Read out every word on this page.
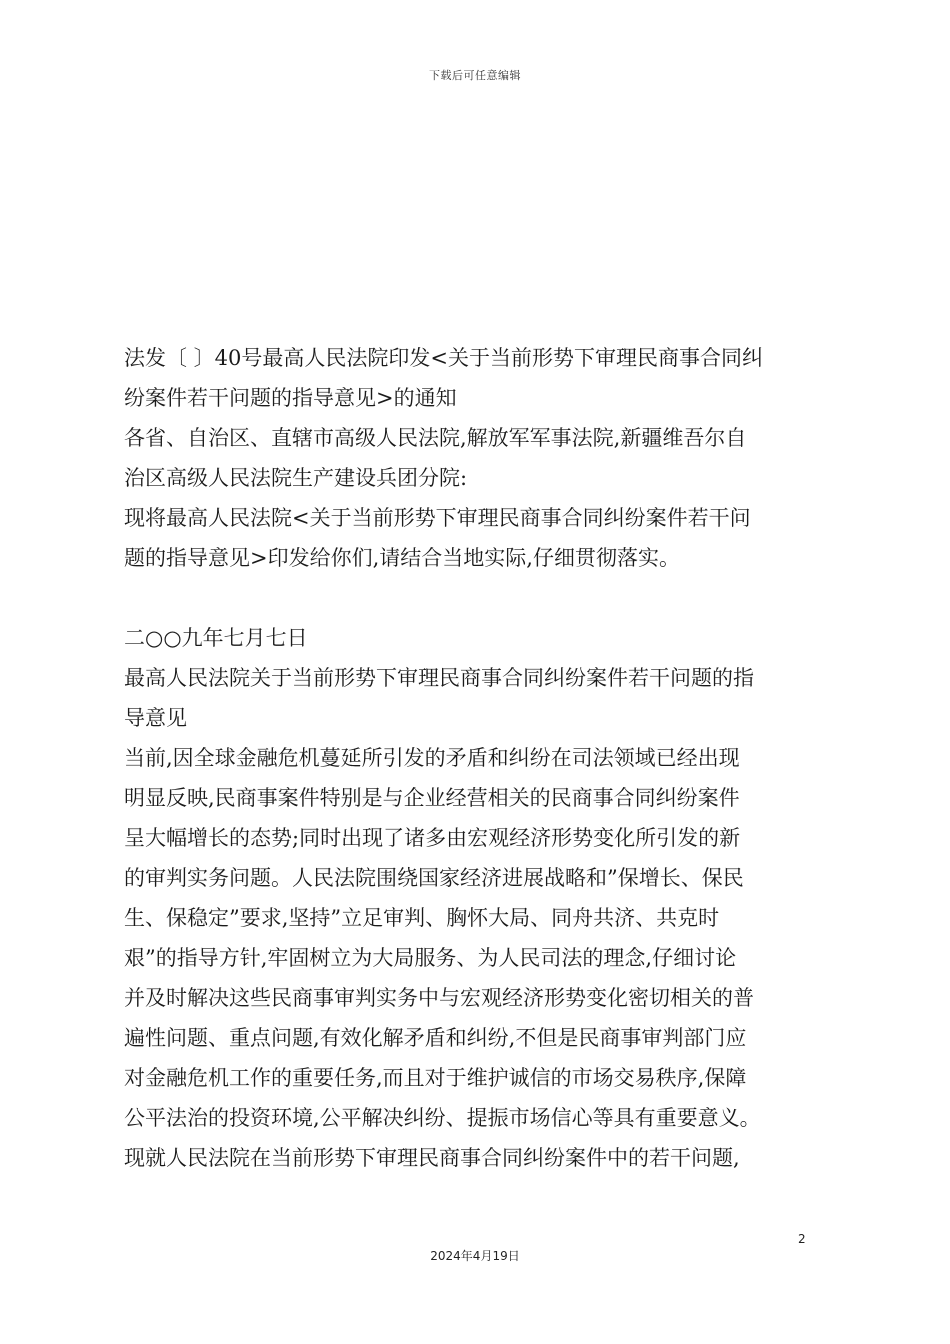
下载后可任意编辑
法发〔 〕40号最高人民法院印发<关于当前形势下审理民商事合同纠
纷案件若干问题的指导意见>的通知
各省、自治区、直辖市高级人民法院,解放军军事法院,新疆维吾尔自
治区高级人民法院生产建设兵团分院:
现将最高人民法院<关于当前形势下审理民商事合同纠纷案件若干问
题的指导意见>印发给你们,请结合当地实际,仔细贯彻落实。
二○○九年七月七日
最高人民法院关于当前形势下审理民商事合同纠纷案件若干问题的指
导意见
当前,因全球金融危机蔓延所引发的矛盾和纠纷在司法领域已经出现
明显反映,民商事案件特别是与企业经营相关的民商事合同纠纷案件
呈大幅增长的态势;同时出现了诸多由宏观经济形势变化所引发的新
的审判实务问题。人民法院围绕国家经济进展战略和”保增长、保民
生、保稳定”要求,坚持”立足审判、胸怀大局、同舟共济、共克时
艰”的指导方针,牢固树立为大局服务、为人民司法的理念,仔细讨论
并及时解决这些民商事审判实务中与宏观经济形势变化密切相关的普
遍性问题、重点问题,有效化解矛盾和纠纷,不但是民商事审判部门应
对金融危机工作的重要任务,而且对于维护诚信的市场交易秩序,保障
公平法治的投资环境,公平解决纠纷、提振市场信心等具有重要意义。
现就人民法院在当前形势下审理民商事合同纠纷案件中的若干问题,
2
2024年4月19日
